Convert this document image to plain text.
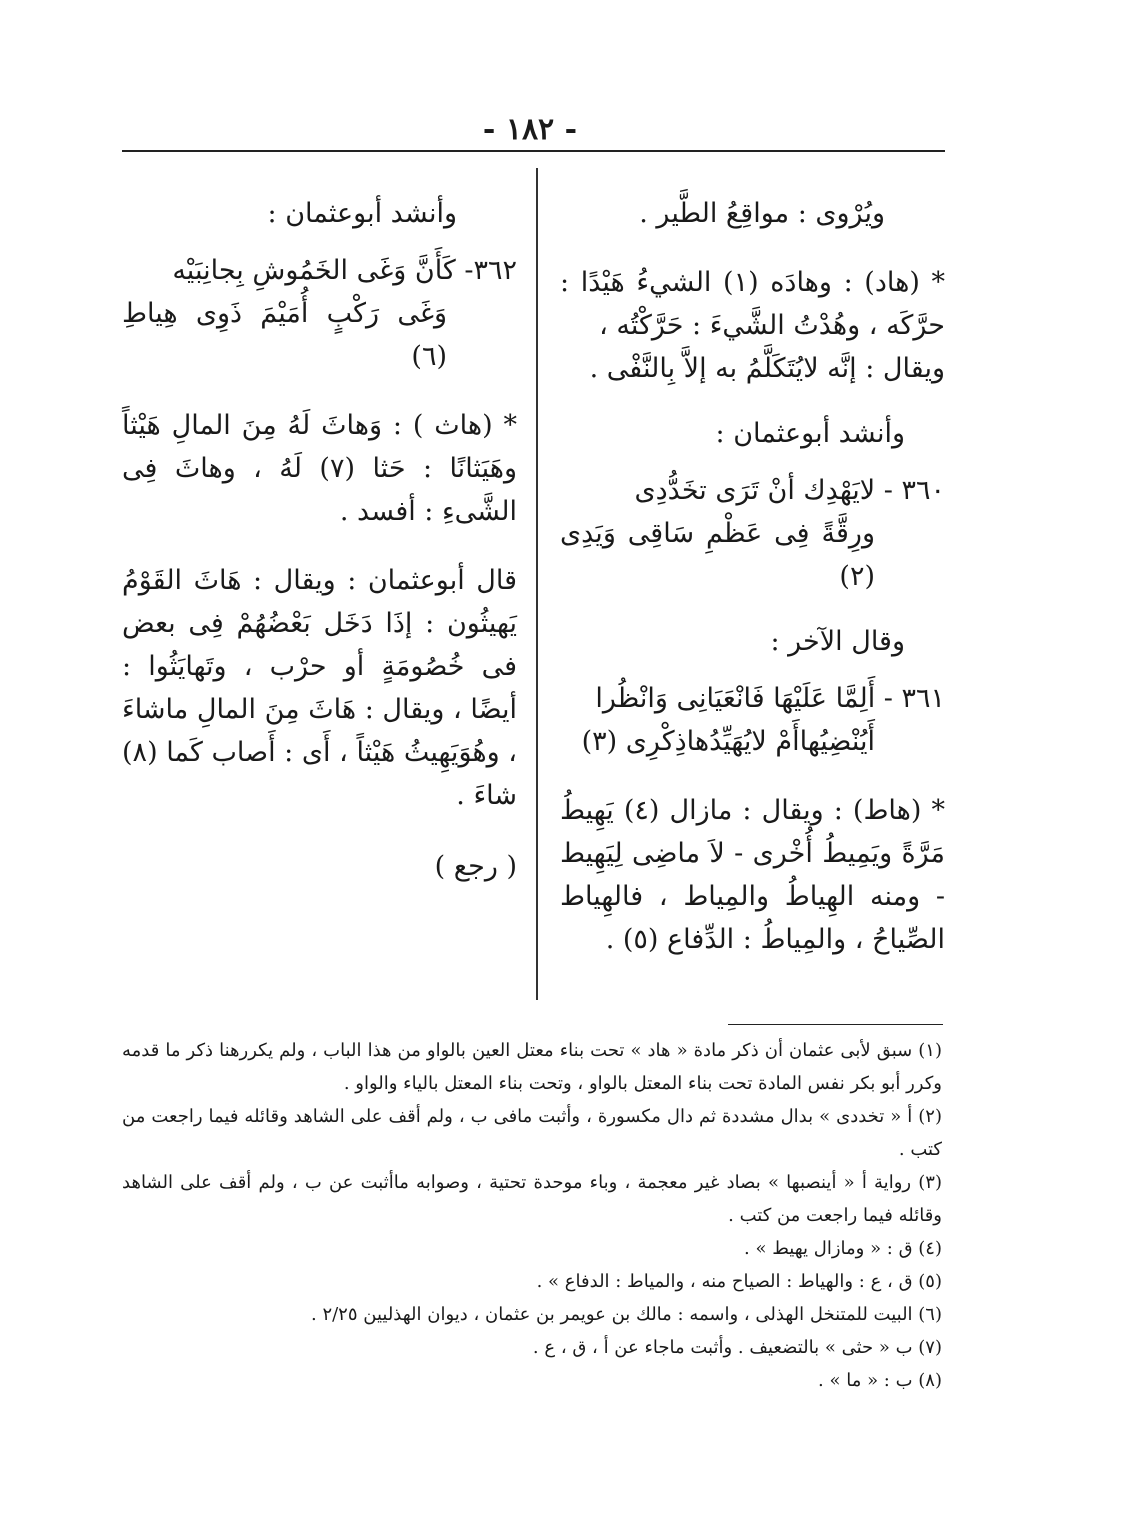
- ١٨٢ -

ويُرْوى : مواقِعُ الطَّير .

* (هاد) : وهادَه (١) الشيءُ هَيْدًا : حرَّكَه ، وهُدْتُ الشَّيءَ : حَرَّكْتُه ،

ويقال : إنَّه لايُتَكَلَّمُ به إلاَّ بِالنَّفْى .

وأنشد أبوعثمان :

٣٦٠ - لايَهْدِك أنْ تَرَى تخَدُّدِى

ورِقَّةً فِى عَظْمِ سَاقِى وَيَدِى (٢)

وقال الآخر :

٣٦١ - أَلِمَّا عَلَيْهَا فَانْعَيَانِى وَانْظُرا

أَيُنْضِيُهاأَمْ لايُهَيِّدُهاذِكْرِى (٣)

* (هاط) : ويقال : مازال (٤) يَهِيطُ مَرَّةً ويَمِيطُ أُخْرى - لاَ ماضِى لِيَهِيط - ومنه الهِياطُ والمِياط ، فالهِياط الصِّياحُ ، والمِياطُ : الدِّفاع (٥) .

وأنشد أبوعثمان :

٣٦٢- كَأَنَّ وَغَى الخَمُوشِ بِجانِبَيْه

وَغَى رَكْبٍ أُمَيْمَ ذَوِى هِياطِ (٦)

* (هاث ) : وَهاثَ لَهُ مِنَ المالِ هَيْثاً وهَيَثانًا : حَثا (٧) لَهُ ، وهاثَ فِى الشَّىءِ : أفسد .

قال أبوعثمان : ويقال : هَاثَ القَوْمُ يَهيثُون : إذَا دَخَل بَعْضُهُمْ فِى بعض فى خُصُومَةٍ أو حرْب ، وتَهايَثُوا : أيضًا ، ويقال : هَاثَ مِنَ المالِ ماشاءَ ، وهُوَيَهِيثُ هَيْثاً ، أَى : أَصاب كَما (٨) شاءَ .

( رجع )

(١) سبق لأبى عثمان أن ذكر مادة « هاد » تحت بناء معتل العين بالواو من هذا الباب ، ولم يكررهنا ذكر ما قدمه وكرر أبو بكر نفس المادة تحت بناء المعتل بالواو ، وتحت بناء المعتل بالياء والواو .

(٢) أ « تخددى » بدال مشددة ثم دال مكسورة ، وأثبت مافى ب ، ولم أقف على الشاهد وقائله فيما راجعت من كتب .

(٣) رواية أ « أينصبها » بصاد غير معجمة ، وباء موحدة تحتية ، وصوابه ماأثبت عن ب ، ولم أقف على الشاهد وقائله فيما راجعت من كتب .

(٤) ق : « ومازال يهيط » .

(٥) ق ، ع : والهياط : الصياح منه ، والمياط : الدفاع » .

(٦) البيت للمتنخل الهذلى ، واسمه : مالك بن عويمر بن عثمان ، ديوان الهذليين ٢/٢٥ .

(٧) ب « حثى » بالتضعيف . وأثبت ماجاء عن أ ، ق ، ع .

(٨) ب : « ما » .
